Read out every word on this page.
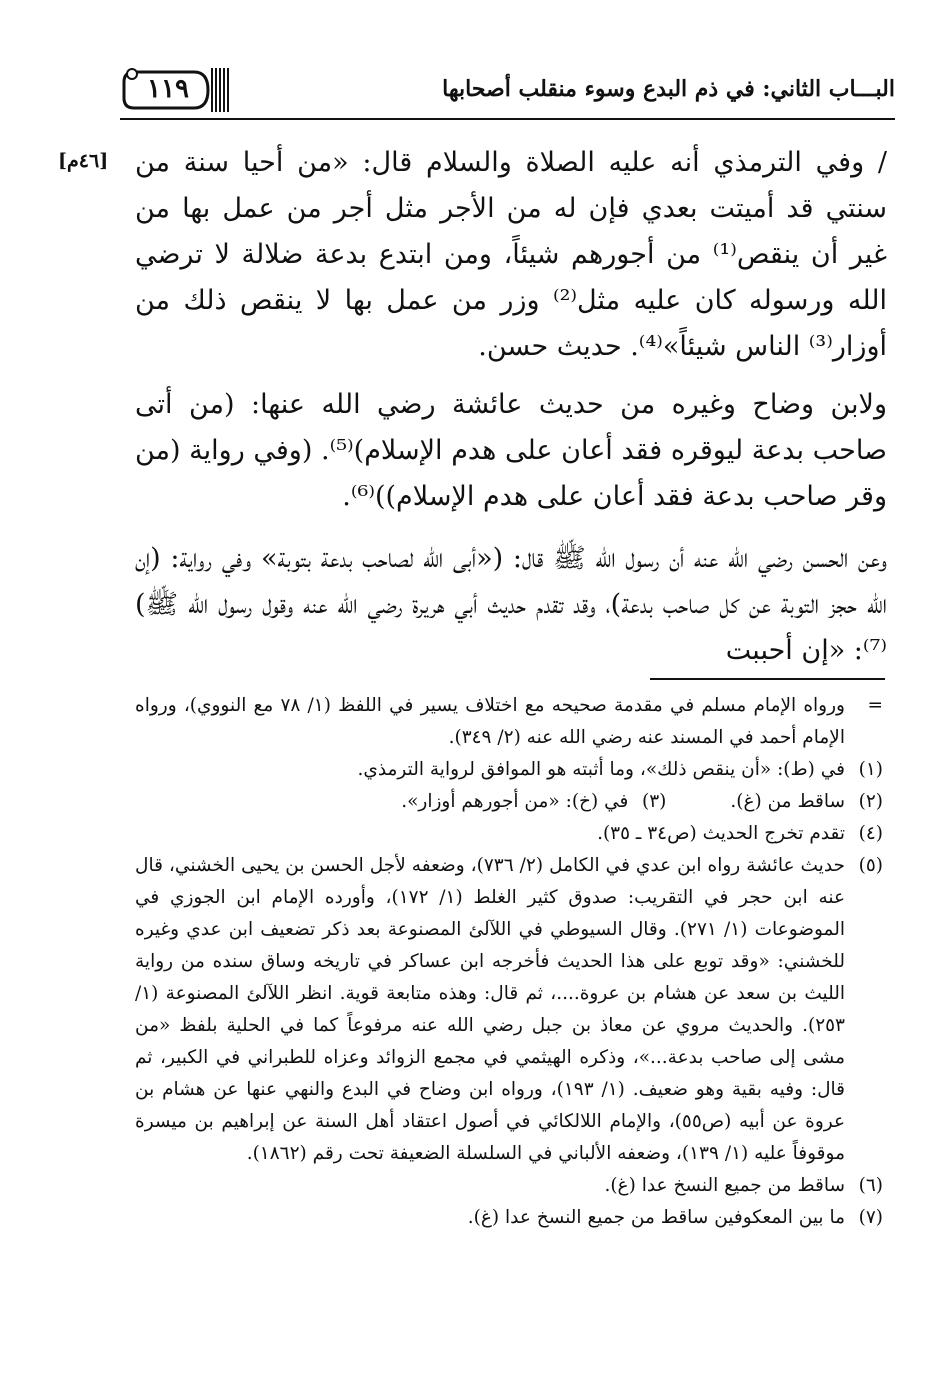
١١٩	البـــاب الثاني: في ذم البدع وسوء منقلب أصحابها
[٤٦م] / وفي الترمذي أنه عليه الصلاة والسلام قال: «من أحيا سنة من سنتي قد أميتت بعدي فإن له من الأجر مثل أجر من عمل بها من غير أن ينقص⁽¹⁾ من أجورهم شيئاً، ومن ابتدع بدعة ضلالة لا ترضي الله ورسوله كان عليه مثل⁽²⁾ وزر من عمل بها لا ينقص ذلك من أوزار⁽³⁾ الناس شيئاً»⁽⁴⁾. حديث حسن.

ولابن وضاح وغيره من حديث عائشة رضي الله عنها: (من أتى صاحب بدعة ليوقره فقد أعان على هدم الإسلام)⁽⁵⁾. (وفي رواية (من وقر صاحب بدعة فقد أعان على هدم الإسلام))⁽⁶⁾.

وعن الحسن رضي الله عنه أن رسول الله ﷺ قال: («أبى الله لصاحب بدعة بتوبة» وفي رواية: (إن الله حجز التوبة عن كل صاحب بدعة)، وقد تقدم حديث أبي هريرة رضي الله عنه وقول رسول الله ﷺ)⁽⁷⁾: «إن أحببت

=
ورواه الإمام مسلم في مقدمة صحيحه مع اختلاف يسير في اللفظ (١/ ٧٨ مع النووي)، ورواه الإمام أحمد في المسند عنه رضي الله عنه (٢/ ٣٤٩).
(١)
في (ط): «أن ينقص ذلك»، وما أثبته هو الموافق لرواية الترمذي.
(٢)
ساقط من (غ).
(٣)
في (خ): «من أجورهم أوزار».
(٤)
تقدم تخرج الحديث (ص٣٤ ـ ٣٥).
(٥)
حديث عائشة رواه ابن عدي في الكامل (٢/ ٧٣٦)، وضعفه لأجل الحسن بن يحيى الخشني، قال عنه ابن حجر في التقريب: صدوق كثير الغلط (١/ ١٧٢)، وأورده الإمام ابن الجوزي في الموضوعات (١/ ٢٧١). وقال السيوطي في اللآلئ المصنوعة بعد ذكر تضعيف ابن عدي وغيره للخشني: «وقد توبع على هذا الحديث فأخرجه ابن عساكر في تاريخه وساق سنده من رواية الليث بن سعد عن هشام بن عروة....، ثم قال: وهذه متابعة قوية. انظر اللآلئ المصنوعة (١/ ٢٥٣). والحديث مروي عن معاذ بن جبل رضي الله عنه مرفوعاً كما في الحلية بلفظ «من مشى إلى صاحب بدعة...»، وذكره الهيثمي في مجمع الزوائد وعزاه للطبراني في الكبير، ثم قال: وفيه بقية وهو ضعيف. (١/ ١٩٣)، ورواه ابن وضاح في البدع والنهي عنها عن هشام بن عروة عن أبيه (ص٥٥)، والإمام اللالكائي في أصول اعتقاد أهل السنة عن إبراهيم بن ميسرة موقوفاً عليه (١/ ١٣٩)، وضعفه الألباني في السلسلة الضعيفة تحت رقم (١٨٦٢).
(٦)
ساقط من جميع النسخ عدا (غ).
(٧)
ما بين المعكوفين ساقط من جميع النسخ عدا (غ).
